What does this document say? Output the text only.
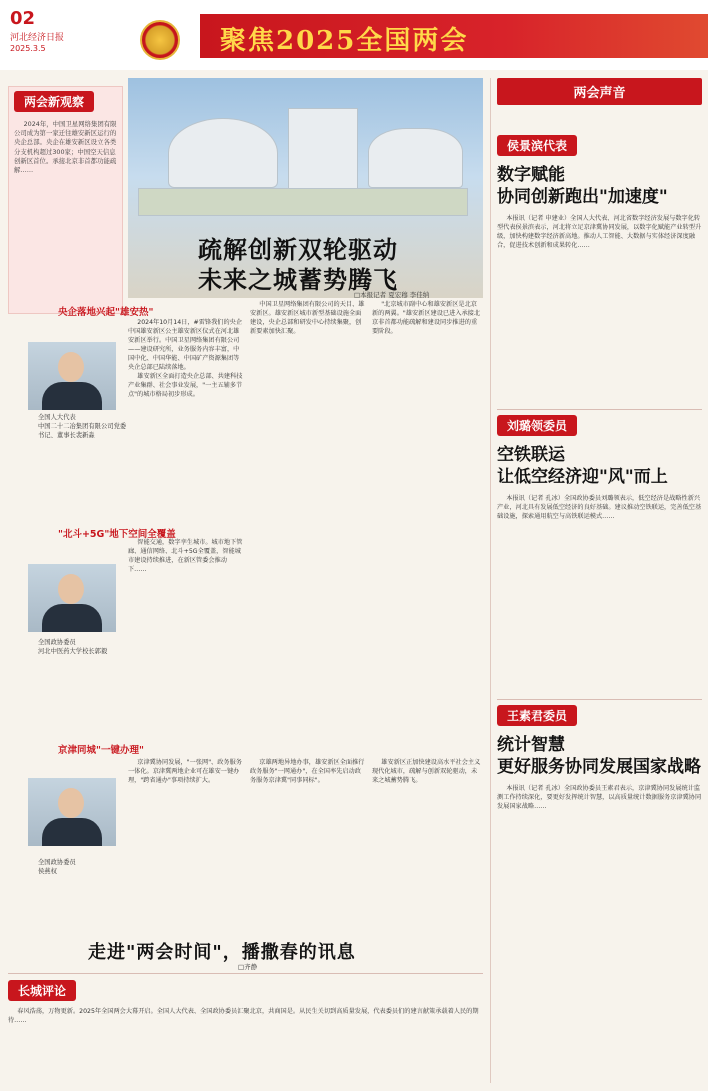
02
河北经济日报
2025.3.5	聚焦2025全国两会
两会新观察
2024年，中国卫星网络集团有限公司成为第一家迁往雄安新区运行的央企总部。央企在雄安新区设立各类分支机构超过300家；中国空天信息创新区首位。承接北京非首都功能疏解……
疏解创新双轮驱动
未来之城蓄势腾飞
□本报记者 夏宏穆 李佳纳
央企落地兴起"雄安热"
全国人大代表
中国二十二冶集团有限公司党委书记、董事长裴新淼

2024年10月14日，#雷锋我们的央企中国雄安新区公主雄安新区仪式在河北雄安新区举行。中国卫星网络集团有限公司——建设研究所，业务服务内容丰富，中国中化、中国华能、中国矿产资源集团等央企总部已陆续落地。

雄安新区全面打造央企总部、共建科技产业集群、社会事业发展，"一主五辅多节点"的城市格局初步形成。

中国卫星网络集团有限公司的天目、雄安新区。雄安新区城市新型基础设施全面建设，央企总部和研发中心持续集聚，创新要素加快汇聚。

"北京城市副中心和雄安新区是北京新的两翼。"雄安新区建设已进入承接北京非首都功能疏解和建设同步推进的重要阶段。

"北斗+5G"地下空间全覆盖
全国政协委员
河北中医药大学校长郭毅

智能交通，数字孪生城市。城市地下管廊、通信网络、北斗+5G全覆盖，智能城市建设持续推进，在新区管委会推动下……

京津同城"一键办理"
全国政协委员
侯燕权

京津冀协同发展，"一张网"、政务服务一体化。京津冀两地企业可在雄安一键办理，"跨省通办"事项持续扩大。

京雄两地异地办事，雄安新区全面推行政务服务"一网通办"，在全国率先启动政务服务京津冀"同事同标"。

雄安新区正加快建设高水平社会主义现代化城市，疏解与创新双轮驱动，未来之城蓄势腾飞。

走进"两会时间"，播撒春的讯息
□齐静
长城评论
春风浩荡，万物更新。2025年全国两会大幕开启。全国人大代表、全国政协委员汇聚北京，共商国是。从民生关切到高质量发展，代表委员们的建言献策承载着人民的期待……
两会声音
侯景滨代表
数字赋能
协同创新跑出"加速度"
本报讯（记者 申建业）全国人大代表、河北省数字经济发展与数字化转型代表侯景滨表示，河北将立足京津冀协同发展，以数字化赋能产业转型升级，加快构建数字经济新高地。推动人工智能、大数据与实体经济深度融合，促进技术创新和成果转化……
刘璐领委员
空铁联运
让低空经济迎"风"而上
本报讯（记者 孔冰）全国政协委员刘璐领表示，低空经济是战略性新兴产业，河北具有发展低空经济的良好基础。建议推动空铁联运，完善低空基础设施，探索通用航空与高铁联运模式……
王素君委员
统计智慧
更好服务协同发展国家战略
本报讯（记者 孔冰）全国政协委员王素君表示，京津冀协同发展统计监测工作持续深化，要更好发挥统计智慧，以高质量统计数据服务京津冀协同发展国家战略……
